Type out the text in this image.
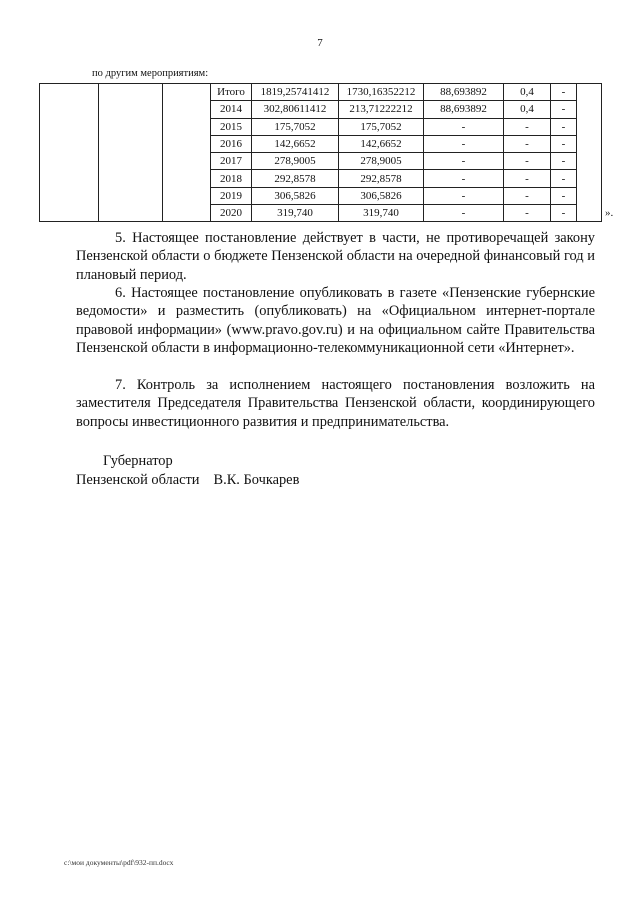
7
по другим мероприятиям:
			Итого	1819,25741412	1730,16352212	88,693892	0,4	-	
			2014	302,80611412	213,71222212	88,693892	0,4	-	
			2015	175,7052	175,7052	-	-	-	
			2016	142,6652	142,6652	-	-	-	
			2017	278,9005	278,9005	-	-	-	
			2018	292,8578	292,8578	-	-	-	
			2019	306,5826	306,5826	-	-	-	
			2020	319,740	319,740	-	-	-		».

5. Настоящее постановление действует в части, не противоречащей закону Пензенской области о бюджете Пензенской области на очередной финансовый год и плановый период.

6. Настоящее постановление опубликовать в газете «Пензенские губернские ведомости» и разместить (опубликовать) на «Официальном интернет-портале правовой информации» (www.pravo.gov.ru) и на официальном сайте Правительства Пензенской области в информационно-телекоммуникационной сети «Интернет».

7. Контроль за исполнением настоящего постановления возложить на заместителя Председателя Правительства Пензенской области, координирующего вопросы инвестиционного развития и предпринимательства.

Губернатор
Пензенской области В.К. Бочкарев
c:\мои документы\pdf\932-пп.docx
